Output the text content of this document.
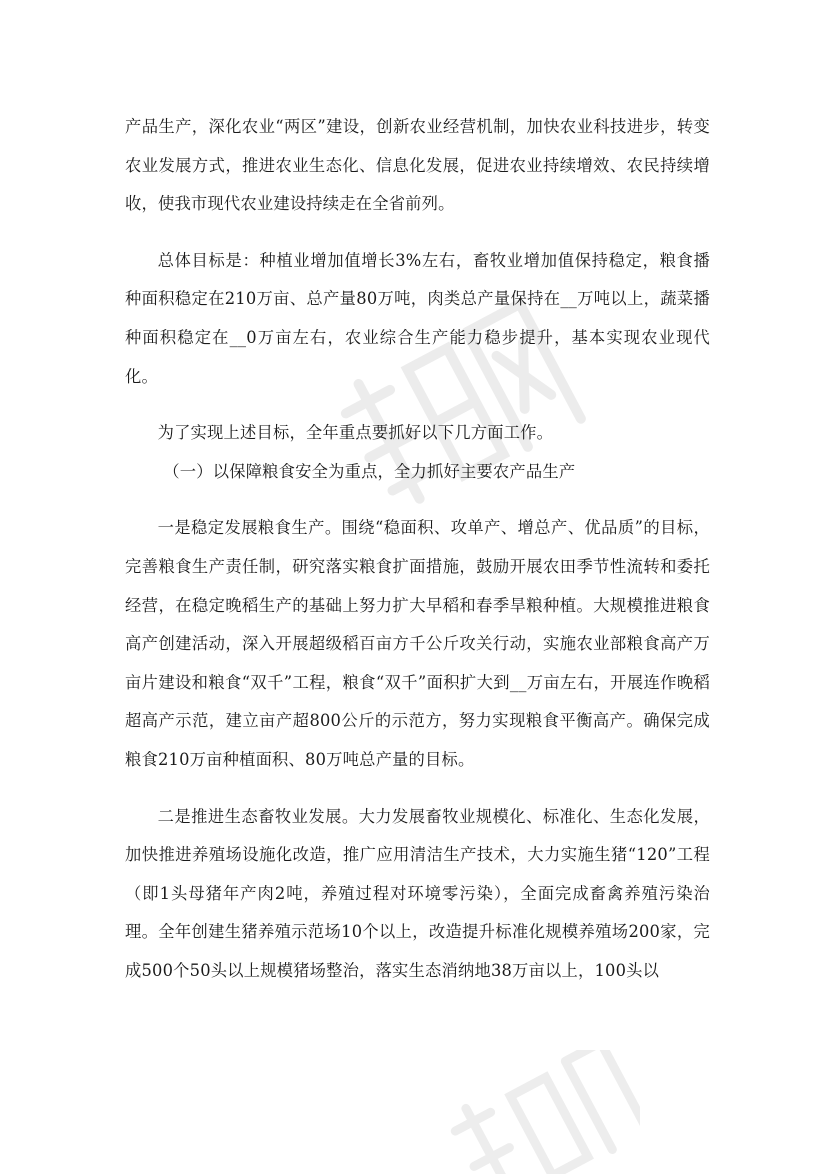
产品生产，深化农业“两区”建设，创新农业经营机制，加快农业科技进步，转变农业发展方式，推进农业生态化、信息化发展，促进农业持续增效、农民持续增收，使我市现代农业建设持续走在全省前列。

总体目标是：种植业增加值增长3%左右，畜牧业增加值保持稳定，粮食播种面积稳定在210万亩、总产量80万吨，肉类总产量保持在__万吨以上，蔬菜播种面积稳定在__0万亩左右，农业综合生产能力稳步提升，基本实现农业现代化。

为了实现上述目标，全年重点要抓好以下几方面工作。

（一）以保障粮食安全为重点，全力抓好主要农产品生产

一是稳定发展粮食生产。围绕“稳面积、攻单产、增总产、优品质”的目标，完善粮食生产责任制，研究落实粮食扩面措施，鼓励开展农田季节性流转和委托经营，在稳定晚稻生产的基础上努力扩大早稻和春季旱粮种植。大规模推进粮食高产创建活动，深入开展超级稻百亩方千公斤攻关行动，实施农业部粮食高产万亩片建设和粮食“双千”工程，粮食“双千”面积扩大到__万亩左右，开展连作晚稻超高产示范，建立亩产超800公斤的示范方，努力实现粮食平衡高产。确保完成粮食210万亩种植面积、80万吨总产量的目标。

二是推进生态畜牧业发展。大力发展畜牧业规模化、标准化、生态化发展，加快推进养殖场设施化改造，推广应用清洁生产技术，大力实施生猪“120”工程（即1头母猪年产肉2吨，养殖过程对环境零污染），全面完成畜禽养殖污染治理。全年创建生猪养殖示范场10个以上，改造提升标准化规模养殖场200家，完成500个50头以上规模猪场整治，落实生态消纳地38万亩以上，100头以
